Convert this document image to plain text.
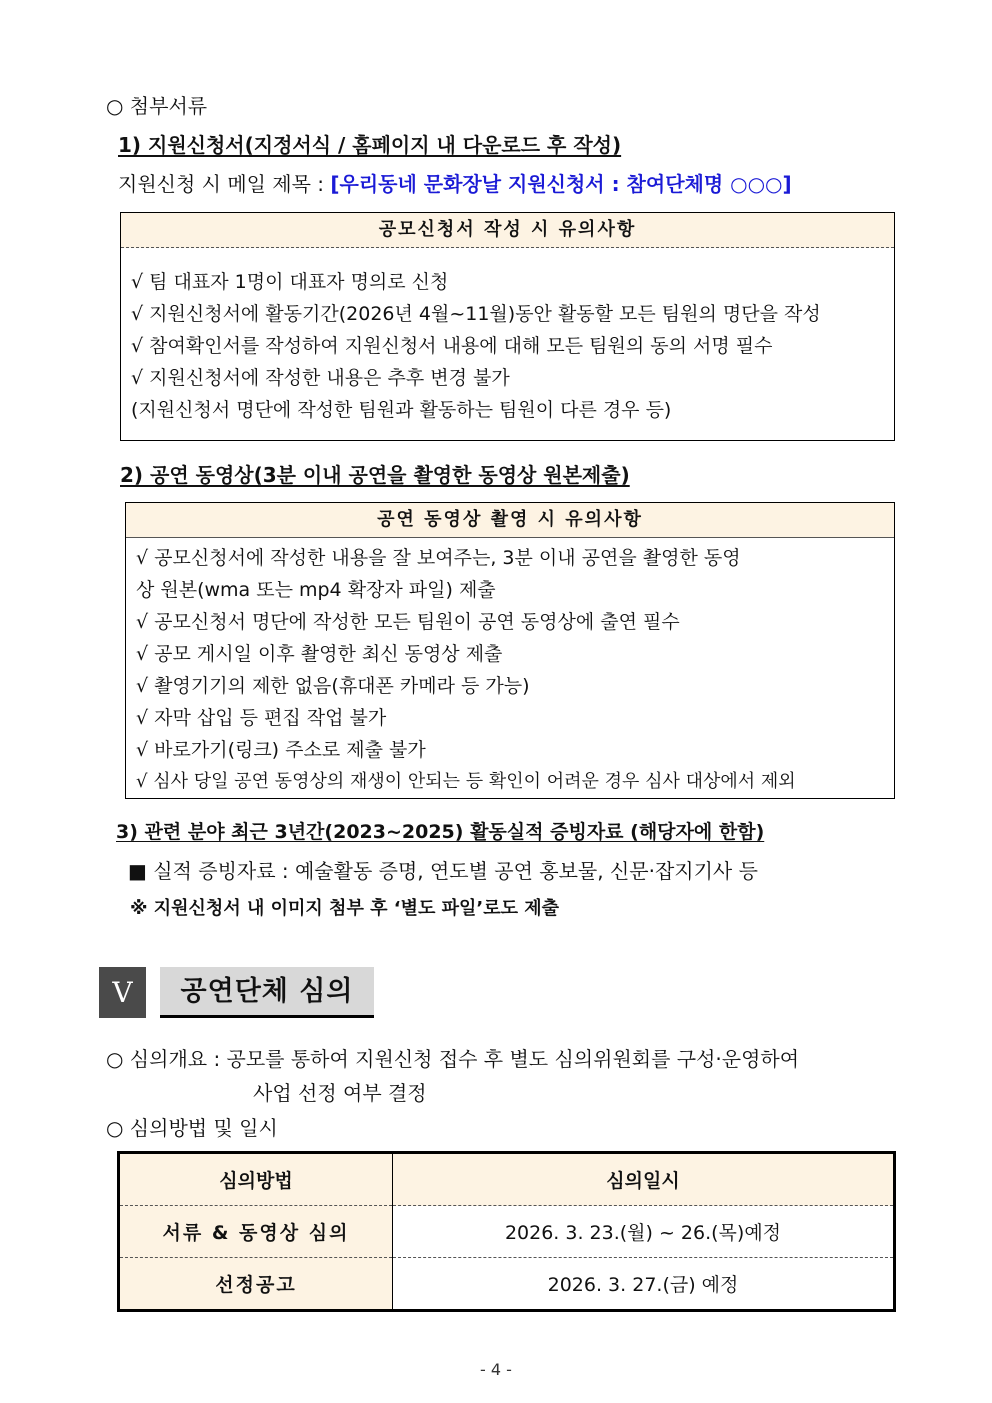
○ 첨부서류
1) 지원신청서(지정서식 / 홈페이지 내 다운로드 후 작성)
지원신청 시 메일 제목 : [우리동네 문화장날 지원신청서 : 참여단체명 ○○○]
공모신청서 작성 시 유의사항
√ 팀 대표자 1명이 대표자 명의로 신청
√ 지원신청서에 활동기간(2026년 4월~11월)동안 활동할 모든 팀원의 명단을 작성
√ 참여확인서를 작성하여 지원신청서 내용에 대해 모든 팀원의 동의 서명 필수
√ 지원신청서에 작성한 내용은 추후 변경 불가
(지원신청서 명단에 작성한 팀원과 활동하는 팀원이 다른 경우 등)
2) 공연 동영상(3분 이내 공연을 촬영한 동영상 원본제출)
공연 동영상 촬영 시 유의사항
√ 공모신청서에 작성한 내용을 잘 보여주는, 3분 이내 공연을 촬영한 동영
상 원본(wma 또는 mp4 확장자 파일) 제출
√ 공모신청서 명단에 작성한 모든 팀원이 공연 동영상에 출연 필수
√ 공모 게시일 이후 촬영한 최신 동영상 제출
√ 촬영기기의 제한 없음(휴대폰 카메라 등 가능)
√ 자막 삽입 등 편집 작업 불가
√ 바로가기(링크) 주소로 제출 불가
√ 심사 당일 공연 동영상의 재생이 안되는 등 확인이 어려운 경우 심사 대상에서 제외
3) 관련 분야 최근 3년간(2023~2025) 활동실적 증빙자료 (해당자에 한함)
■ 실적 증빙자료 : 예술활동 증명, 연도별 공연 홍보물, 신문·잡지기사 등
※ 지원신청서 내 이미지 첨부 후 ‘별도 파일’로도 제출
Ⅴ	공연단체 심의
○ 심의개요 : 공모를 통하여 지원신청 접수 후 별도 심의위원회를 구성·운영하여
사업 선정 여부 결정
○ 심의방법 및 일시
심의방법	심의일시
서류 & 동영상 심의	2026. 3. 23.(월) ~ 26.(목)예정
선정공고	2026. 3. 27.(금) 예정
- 4 -
